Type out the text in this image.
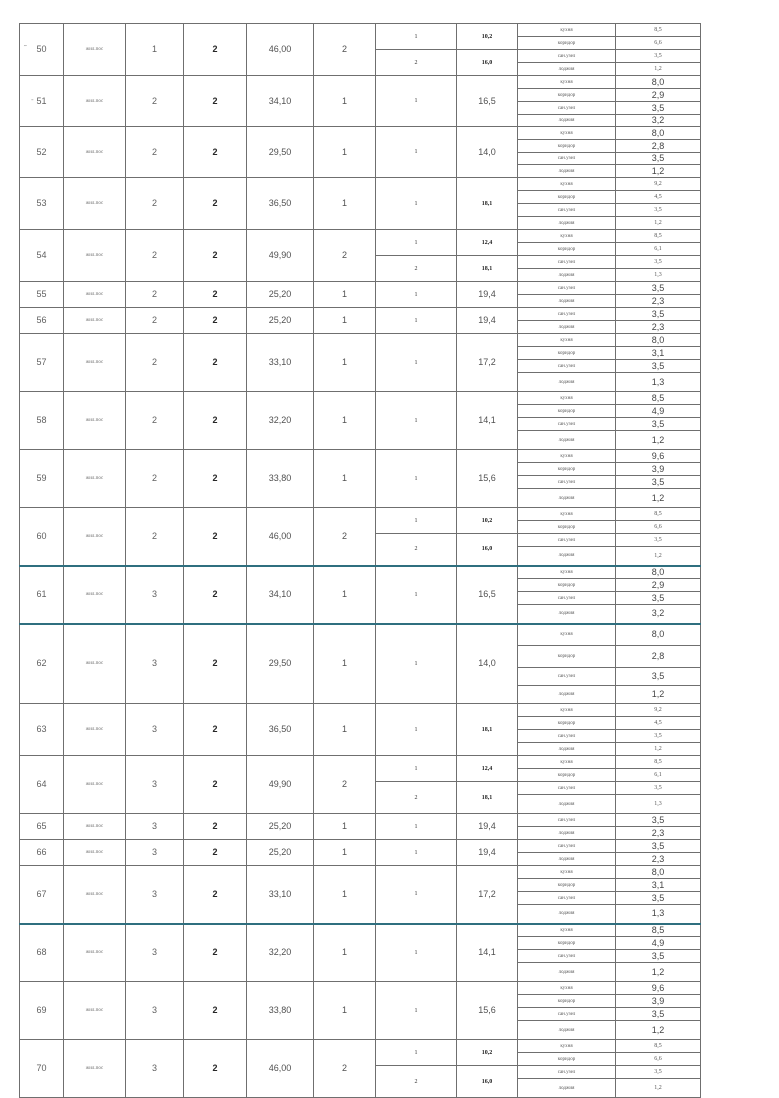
˜
-
50	жил.пос	1	2	46,00	2	1	10,2	кухня	8,5
								коридор	6,6
						2	16,0	сан.узел	3,5
								лоджия	1,2
51	жил.пос	2	2	34,10	1	1	16,5	кухня	8,0
								коридор	2,9
								сан.узел	3,5
								лоджия	3,2
52	жил.пос	2	2	29,50	1	1	14,0	кухня	8,0
								коридор	2,8
								сан.узел	3,5
								лоджия	1,2
53	жил.пос	2	2	36,50	1	1	18,1	кухня	9,2
								коридор	4,5
								сан.узел	3,5
								лоджия	1,2
54	жил.пос	2	2	49,90	2	1	12,4	кухня	8,5
								коридор	6,1
						2	18,1	сан.узел	3,5
								лоджия	1,3
55	жил.пос	2	2	25,20	1	1	19,4	сан.узел	3,5
								лоджия	2,3
56	жил.пос	2	2	25,20	1	1	19,4	сан.узел	3,5
								лоджия	2,3
57	жил.пос	2	2	33,10	1	1	17,2	кухня	8,0
								коридор	3,1
								сан.узел	3,5
								лоджия	1,3
58	жил.пос	2	2	32,20	1	1	14,1	кухня	8,5
								коридор	4,9
								сан.узел	3,5
								лоджия	1,2
59	жил.пос	2	2	33,80	1	1	15,6	кухня	9,6
								коридор	3,9
								сан.узел	3,5
								лоджия	1,2
60	жил.пос	2	2	46,00	2	1	10,2	кухня	8,5
								коридор	6,6
						2	16,0	сан.узел	3,5
								лоджия	1,2
61	жил.пос	3	2	34,10	1	1	16,5	кухня	8,0
								коридор	2,9
								сан.узел	3,5
								лоджия	3,2
62	жил.пос	3	2	29,50	1	1	14,0	кухня	8,0
								коридор	2,8
								сан.узел	3,5
								лоджия	1,2
63	жил.пос	3	2	36,50	1	1	18,1	кухня	9,2
								коридор	4,5
								сан.узел	3,5
								лоджия	1,2
64	жил.пос	3	2	49,90	2	1	12,4	кухня	8,5
								коридор	6,1
						2	18,1	сан.узел	3,5
								лоджия	1,3
65	жил.пос	3	2	25,20	1	1	19,4	сан.узел	3,5
								лоджия	2,3
66	жил.пос	3	2	25,20	1	1	19,4	сан.узел	3,5
								лоджия	2,3
67	жил.пос	3	2	33,10	1	1	17,2	кухня	8,0
								коридор	3,1
								сан.узел	3,5
								лоджия	1,3
68	жил.пос	3	2	32,20	1	1	14,1	кухня	8,5
								коридор	4,9
								сан.узел	3,5
								лоджия	1,2
69	жил.пос	3	2	33,80	1	1	15,6	кухня	9,6
								коридор	3,9
								сан.узел	3,5
								лоджия	1,2
70	жил.пос	3	2	46,00	2	1	10,2	кухня	8,5
								коридор	6,6
						2	16,0	сан.узел	3,5
								лоджия	1,2
